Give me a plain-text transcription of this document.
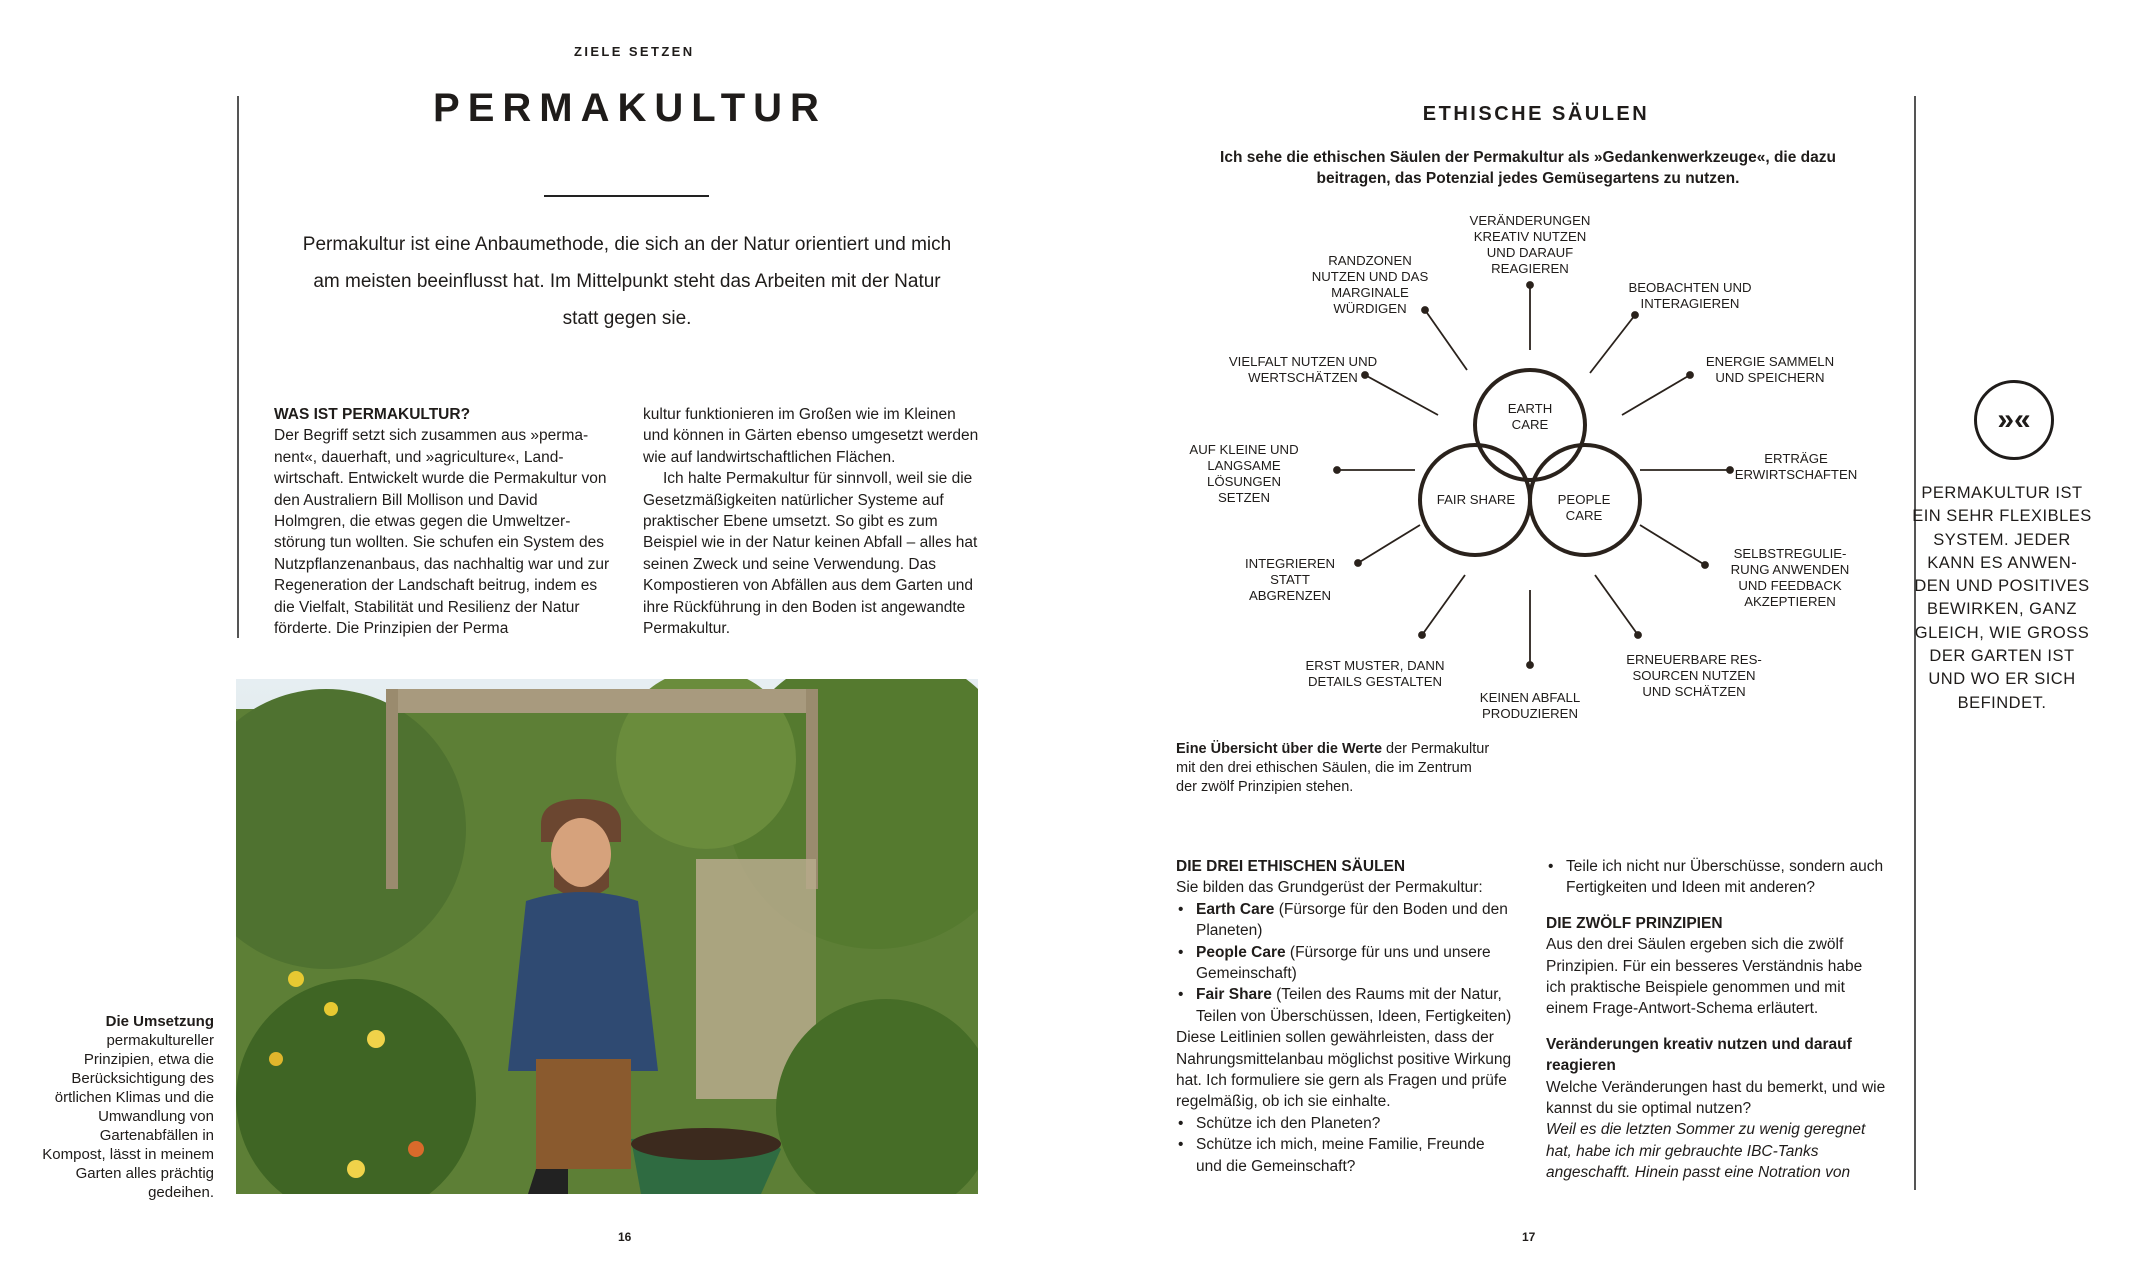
ZIELE SETZEN
PERMAKULTUR
Permakultur ist eine Anbaumethode, die sich an der Natur orientiert und mich am meisten beeinflusst hat. Im Mittelpunkt steht das Arbeiten mit der Natur statt gegen sie.

WAS IST PERMAKULTUR?

Der Begriff setzt sich zusammen aus »permanent«, dauerhaft, und »agriculture«, Landwirtschaft. Entwickelt wurde die Permakultur von den Australiern Bill Mollison und David Holmgren, die etwas gegen die Umweltzerstörung tun wollten. Sie schufen ein System des Nutzpflanzenanbaus, das nachhaltig war und zur Regeneration der Landschaft beitrug, indem es die Vielfalt, Stabilität und Resilienz der Natur förderte. Die Prinzipien der Perma

kultur funktionieren im Großen wie im Kleinen und können in Gärten ebenso umgesetzt werden wie auf landwirtschaftlichen Flächen.

Ich halte Permakultur für sinnvoll, weil sie die Gesetzmäßigkeiten natürlicher Systeme auf praktischer Ebene umsetzt. So gibt es zum Beispiel wie in der Natur keinen Abfall – alles hat seinen Zweck und seine Verwendung. Das Kompostieren von Abfällen aus dem Garten und ihre Rückführung in den Boden ist angewandte Permakultur.

Die Umsetzung
permakultureller Prinzipien, etwa die Berücksichtigung des örtlichen Klimas und die Umwandlung von Gartenabfällen in Kompost, lässt in meinem Garten alles prächtig gedeihen.
16
ETHISCHE SÄULEN
Ich sehe die ethischen Säulen der Permakultur als »Gedankenwerkzeuge«, die dazu beitragen, das Potenzial jedes Gemüsegartens zu nutzen.
VERÄNDERUNGEN KREATIV NUTZEN UND DARAUF REAGIEREN
BEOBACHTEN UND INTERAGIEREN
ENERGIE SAMMELN UND SPEICHERN
ERTRÄGE ERWIRTSCHAFTEN
SELBSTREGULIERUNG ANWENDEN UND FEEDBACK AKZEPTIEREN
ERNEUERBARE RESSOURCEN NUTZEN UND SCHÄTZEN
KEINEN ABFALL PRODUZIEREN
ERST MUSTER, DANN DETAILS GESTALTEN
INTEGRIEREN STATT ABGRENZEN
AUF KLEINE UND LANGSAME LÖSUNGEN SETZEN
VIELFALT NUTZEN UND WERTSCHÄTZEN
RANDZONEN NUTZEN UND DAS MARGINALE WÜRDIGEN
EARTH CARE
FAIR SHARE	PEOPLE CARE
Eine Übersicht über die Werte der Permakultur mit den drei ethischen Säulen, die im Zentrum der zwölf Prinzipien stehen.

DIE DREI ETHISCHEN SÄULEN

Sie bilden das Grundgerüst der Permakultur:

• Earth Care (Fürsorge für den Boden und den Planeten)
• People Care (Fürsorge für uns und unsere Gemeinschaft)
• Fair Share (Teilen des Raums mit der Natur, Teilen von Überschüssen, Ideen, Fertigkeiten)

Diese Leitlinien sollen gewährleisten, dass der Nahrungsmittelanbau möglichst positive Wirkung hat. Ich formuliere sie gern als Fragen und prüfe regelmäßig, ob ich sie einhalte.

• Schütze ich den Planeten?
• Schütze ich mich, meine Familie, Freunde und die Gemeinschaft?
• Teile ich nicht nur Überschüsse, sondern auch Fertigkeiten und Ideen mit anderen?

DIE ZWÖLF PRINZIPIEN

Aus den drei Säulen ergeben sich die zwölf Prinzipien. Für ein besseres Verständnis habe ich praktische Beispiele genommen und mit einem Frage-Antwort-Schema erläutert.

Veränderungen kreativ nutzen und darauf reagieren

Welche Veränderungen hast du bemerkt, und wie kannst du sie optimal nutzen?

Weil es die letzten Sommer zu wenig geregnet hat, habe ich mir gebrauchte IBC-Tanks angeschafft. Hinein passt eine Notration von

»«
PERMAKULTUR IST EIN SEHR FLEXIBLES SYSTEM. JEDER KANN ES ANWENDEN UND POSITIVES BEWIRKEN, GANZ GLEICH, WIE GROSS DER GARTEN IST UND WO ER SICH BEFINDET.
17
